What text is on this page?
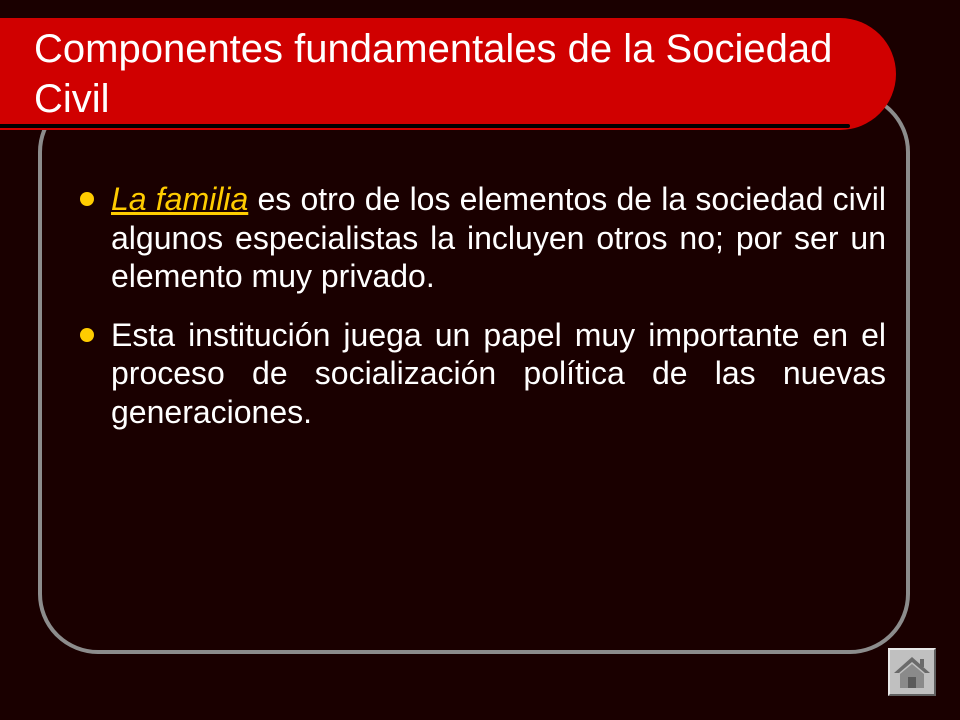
Componentes fundamentales de la Sociedad Civil
La familia es otro de los elementos de la sociedad civil algunos especialistas la incluyen otros no; por ser un elemento muy privado.
Esta institución juega un papel muy importante en el proceso de socialización política de las nuevas generaciones.
